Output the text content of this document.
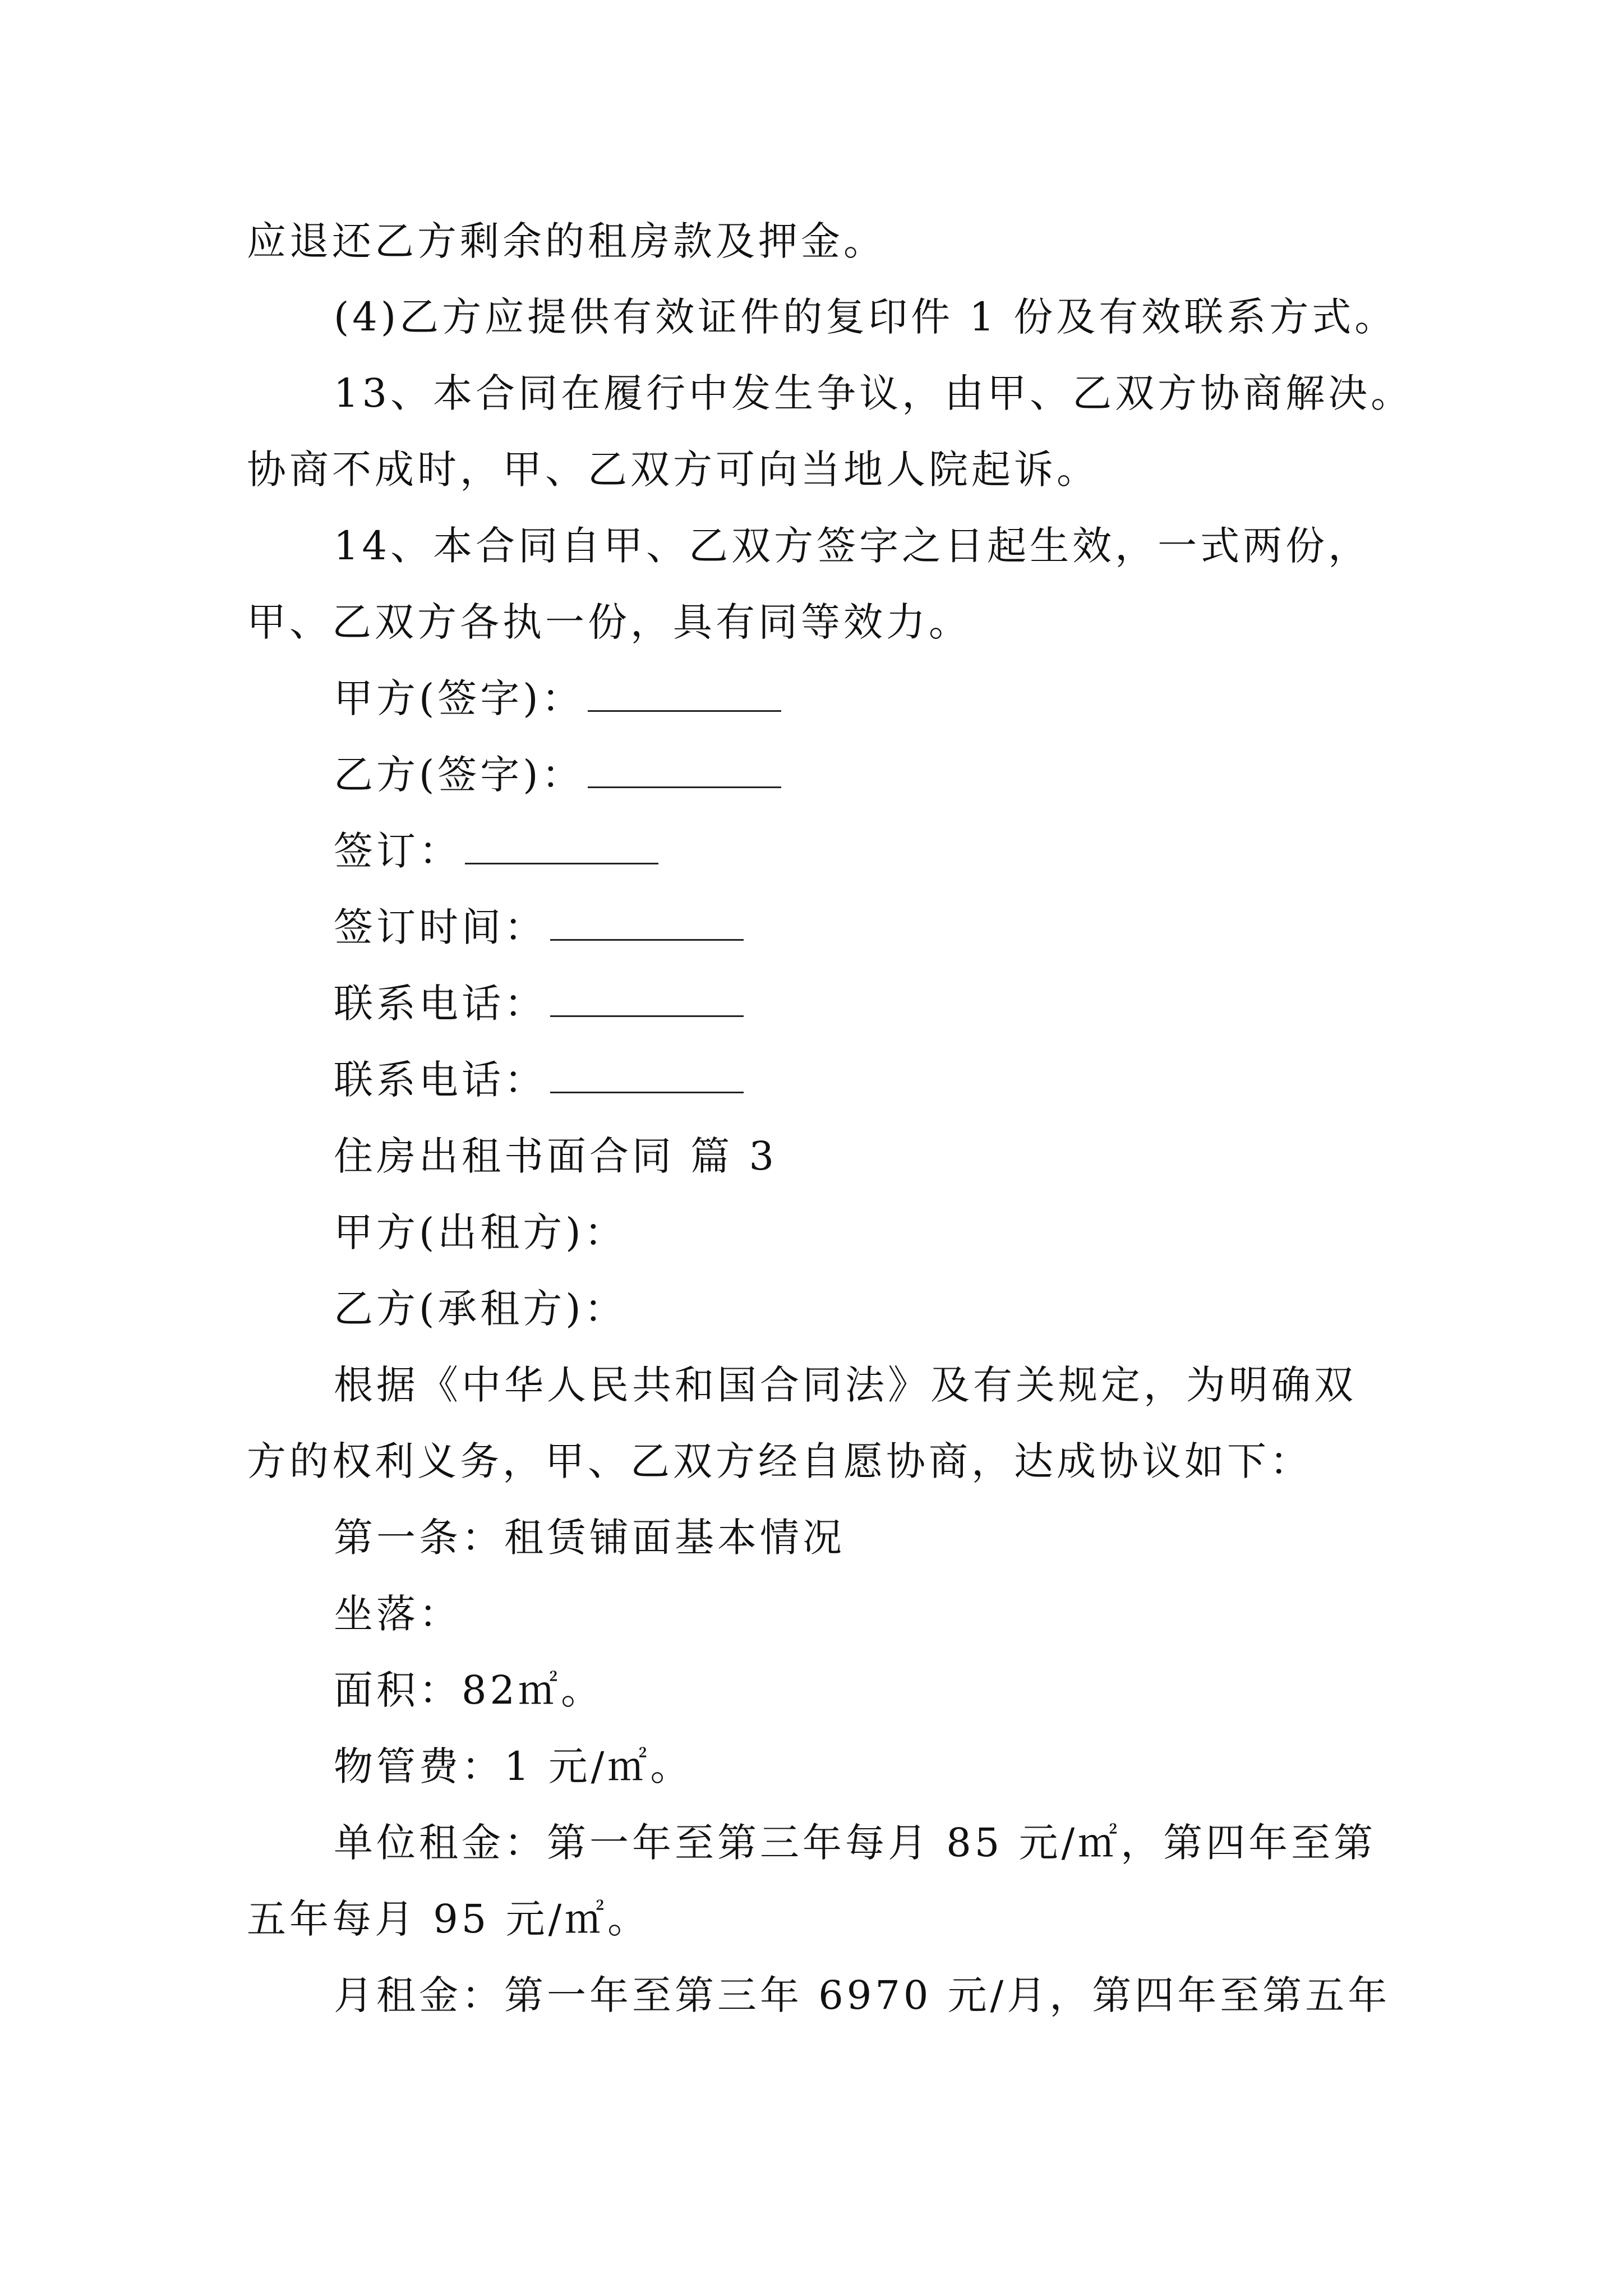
应退还乙方剩余的租房款及押金。
(4)乙方应提供有效证件的复印件 1 份及有效联系方式。
13、本合同在履行中发生争议，由甲、乙双方协商解决。
协商不成时，甲、乙双方可向当地人院起诉。
14、本合同自甲、乙双方签字之日起生效，一式两份，
甲、乙双方各执一份，具有同等效力。
甲方(签字)：
乙方(签字)：
签订：
签订时间：
联系电话：
联系电话：
住房出租书面合同 篇 3
甲方(出租方)：
乙方(承租方)：
根据《中华人民共和国合同法》及有关规定，为明确双
方的权利义务，甲、乙双方经自愿协商，达成协议如下：
第一条：租赁铺面基本情况
坐落：
面积：82㎡。
物管费：1 元/㎡。
单位租金：第一年至第三年每月 85 元/㎡，第四年至第
五年每月 95 元/㎡。
月租金：第一年至第三年 6970 元/月，第四年至第五年
